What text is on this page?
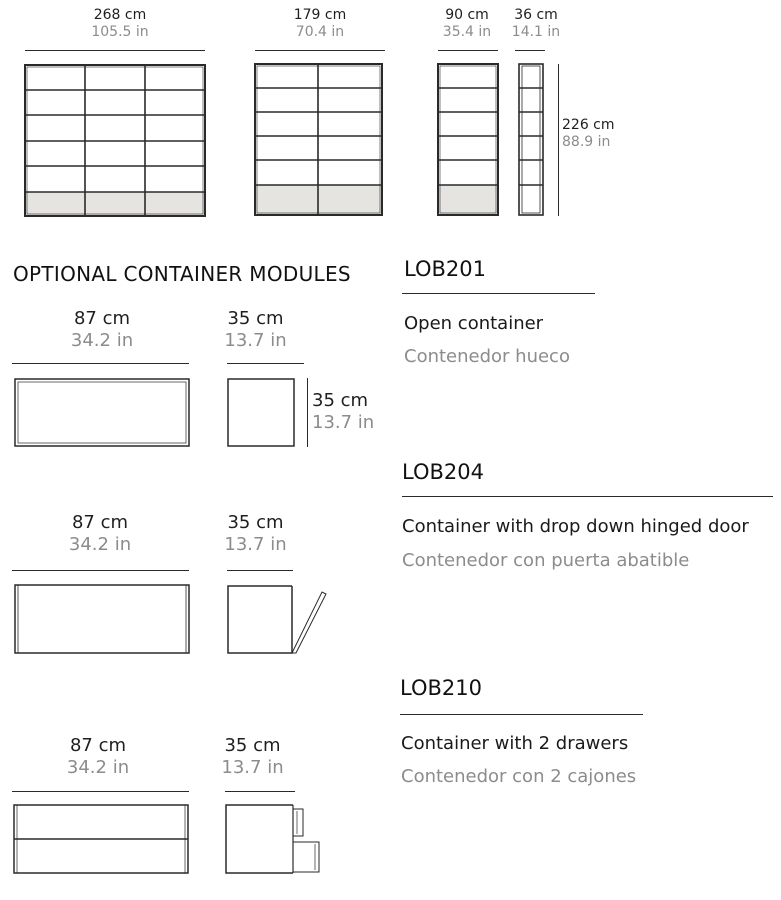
268 cm
105.5 in
179 cm
70.4 in
90 cm
35.4 in
36 cm
14.1 in
226 cm
88.9 in
OPTIONAL CONTAINER MODULES
87 cm
34.2 in
35 cm
13.7 in
35 cm
13.7 in
LOB201
Open container
Contenedor hueco
LOB204
Container with drop down hinged door
Contenedor con puerta abatible
87 cm
34.2 in
35 cm
13.7 in
LOB210
Container with 2 drawers
Contenedor con 2 cajones
87 cm
34.2 in
35 cm
13.7 in
